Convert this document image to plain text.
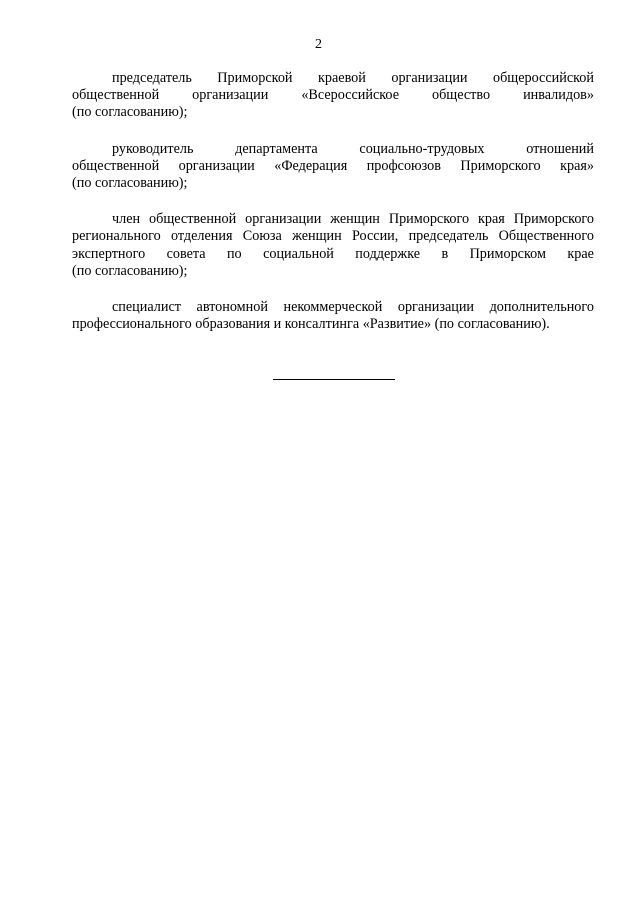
2
председатель Приморской краевой организации общероссийской
общественной организации «Всероссийское общество инвалидов»
(по согласованию);
руководитель	департамента	социально-трудовых	отношений
общественной организации «Федерация профсоюзов Приморского края»
(по согласованию);
член общественной организации женщин Приморского края Приморского
регионального отделения Союза женщин России, председатель Общественного
экспертного совета по социальной поддержке в Приморском крае
(по согласованию);
специалист автономной некоммерческой организации дополнительного
профессионального образования и консалтинга «Развитие» (по согласованию).
